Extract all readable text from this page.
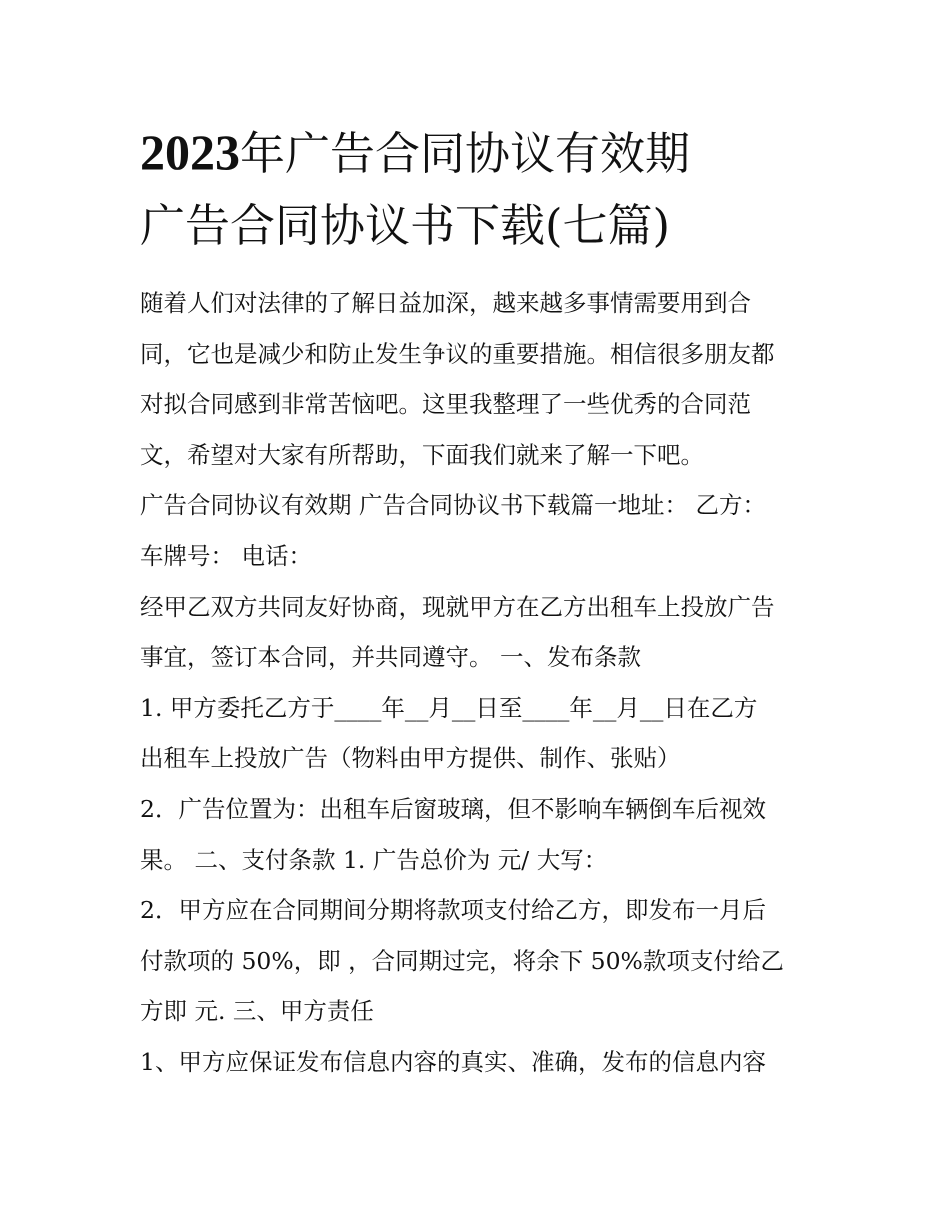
2023年广告合同协议有效期
广告合同协议书下载(七篇)
随着人们对法律的了解日益加深，越来越多事情需要用到合
同，它也是减少和防止发生争议的重要措施。相信很多朋友都
对拟合同感到非常苦恼吧。这里我整理了一些优秀的合同范
文，希望对大家有所帮助，下面我们就来了解一下吧。
广告合同协议有效期 广告合同协议书下载篇一地址： 乙方：
车牌号： 电话：
经甲乙双方共同友好协商，现就甲方在乙方出租车上投放广告
事宜，签订本合同，并共同遵守。 一、发布条款
1. 甲方委托乙方于____年__月__日至____年__月__日在乙方
出租车上投放广告（物料由甲方提供、制作、张贴）
2．广告位置为：出租车后窗玻璃，但不影响车辆倒车后视效
果。 二、支付条款 1. 广告总价为 元/ 大写：
2．甲方应在合同期间分期将款项支付给乙方，即发布一月后
付款项的 50%，即 ，合同期过完，将余下 50%款项支付给乙
方即 元. 三、甲方责任
1、甲方应保证发布信息内容的真实、准确，发布的信息内容
